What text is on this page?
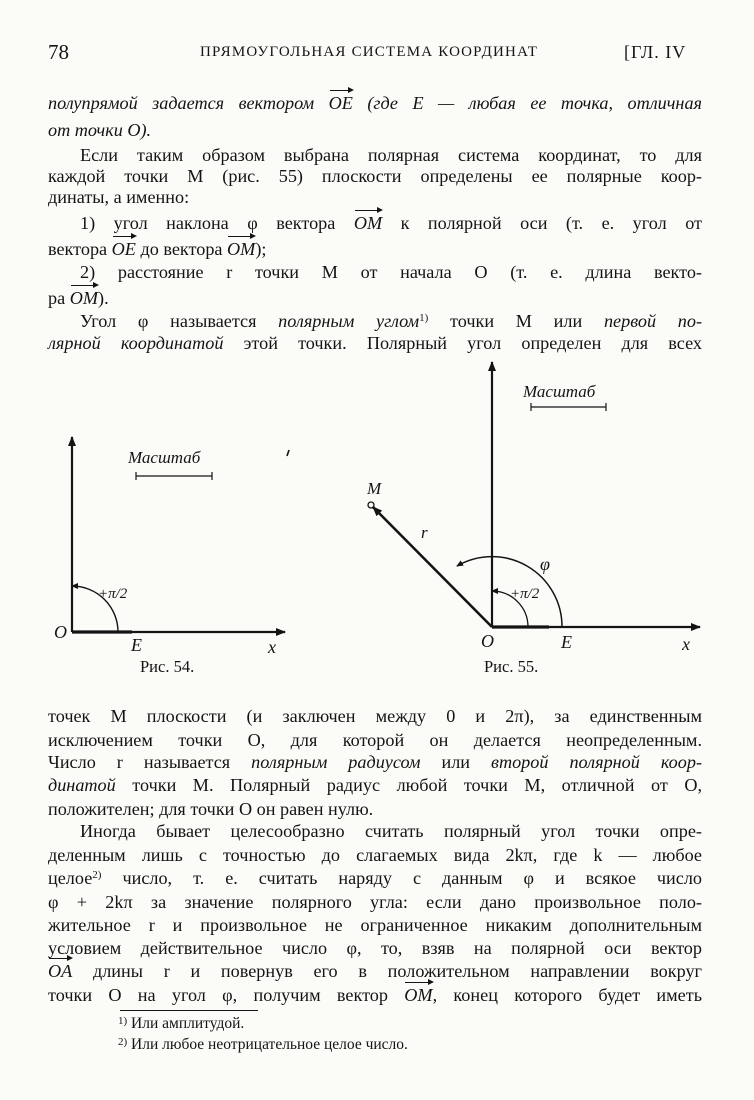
78	ПРЯМОУГОЛЬНАЯ СИСТЕМА КООРДИНАТ	[ГЛ. IV
полупрямой задается вектором OE (где E — любая ее точка, отличная
от точки O).
Если таким образом выбрана полярная система координат, то для
каждой точки M (рис. 55) плоскости определены ее полярные коор-
динаты, а именно:
1) угол наклона φ вектора OM к полярной оси (т. е. угол от
вектора OE до вектора OM);
2) расстояние r точки M от начала O (т. е. длина векто-
ра OM).
Угол φ называется полярным углом$^{1)}$ точки M или первой по-
лярной координатой этой точки. Полярный угол определен для всех
Масштаб
+π/2
O
E	x
Рис. 54.
Масштаб
M
r
φ
+π/2
O	E	x
Рис. 55.
точек M плоскости (и заключен между 0 и 2π), за единственным
исключением точки O, для которой он делается неопределенным.
Число r называется полярным радиусом или второй полярной коор-
динатой точки M. Полярный радиус любой точки M, отличной от O,
положителен; для точки O он равен нулю.
Иногда бывает целесообразно считать полярный угол точки опре-
деленным лишь с точностью до слагаемых вида 2kπ, где k — любое
целое$^{2)}$ число, т. е. считать наряду с данным φ и всякое число
φ + 2kπ за значение полярного угла: если дано произвольное поло-
жительное r и произвольное не ограниченное никаким дополнительным
условием действительное число φ, то, взяв на полярной оси вектор
OA длины r и повернув его в положительном направлении вокруг
точки O на угол φ, получим вектор OM, конец которого будет иметь
$^{1)}$ Или амплитудой.
$^{2)}$ Или любое неотрицательное целое число.
